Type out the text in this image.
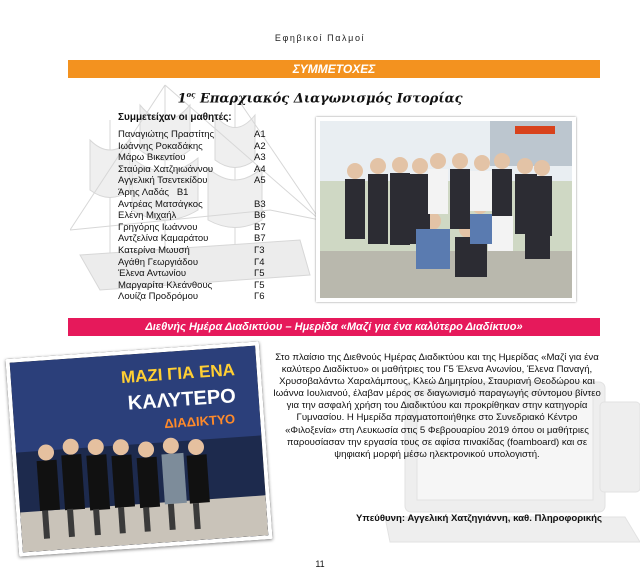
Εφηβικοί Παλμοί
ΣΥΜΜΕΤΟΧΕΣ
$1^{o\varsigma}$ Επαρχιακός Διαγωνισμός Ιστορίας
Συμμετείχαν οι μαθητές:
Παναγιώτης Πραστίτης	Α1
Ιωάννης Ροκαδάκης	Α2
Μάρω Βικεντίου	Α3
Σταύρια Χατζηιωάννου	Α4
Αγγελική Τσεντεκίδου	Α5
Άρης Λαδάς   Β1
Αντρέας Ματσάγκος	Β3
Ελένη Μιχαήλ	Β6
Γρηγόρης Ιωάννου	Β7
Αντζελίνα Καμαράτου	Β7
Κατερίνα Μωυσή	Γ3
Αγάθη Γεωργιάδου	Γ4
Έλενα Αντωνίου	Γ5
Μαργαρίτα Κλεάνθους	Γ5
Λουίζα Προδρόμου	Γ6
Διεθνής Ημέρα Διαδικτύου – Ημερίδα «Μαζί για ένα καλύτερο Διαδίκτυο»
ΜΑΖΙ ΓΙΑ ΕΝΑ
ΚΑΛΥΤΕΡΟ
ΔΙΑΔΙΚΤΥΟ
Στο πλαίσιο της Διεθνούς Ημέρας Διαδικτύου και της Ημερίδας «Μαζί για ένα καλύτερο Διαδίκτυο» οι μαθήτριες του Γ5 Έλενα Ανωνίου, Έλενα Παναγή, Χρυσοβαλάντω Χαραλάμπους, Κλεώ Δημητρίου, Σταυριανή Θεοδώρου και Ιωάννα Ιουλιανού, έλαβαν μέρος σε διαγωνισμό παραγωγής σύντομου βίντεο για την ασφαλή χρήση του Διαδικτύου και προκρίθηκαν στην κατηγορία Γυμνασίου. Η Ημερίδα πραγματοποιήθηκε στο Συνεδριακό Κέντρο «Φιλοξενία» στη Λευκωσία στις 5 Φεβρουαρίου 2019 όπου οι μαθήτριες παρουσίασαν την εργασία τους σε αφίσα πινακίδας (foamboard) και σε ψηφιακή μορφή μέσω ηλεκτρονικού υπολογιστή.
Υπεύθυνη: Αγγελική Χατζηγιάννη, καθ. Πληροφορικής
11
